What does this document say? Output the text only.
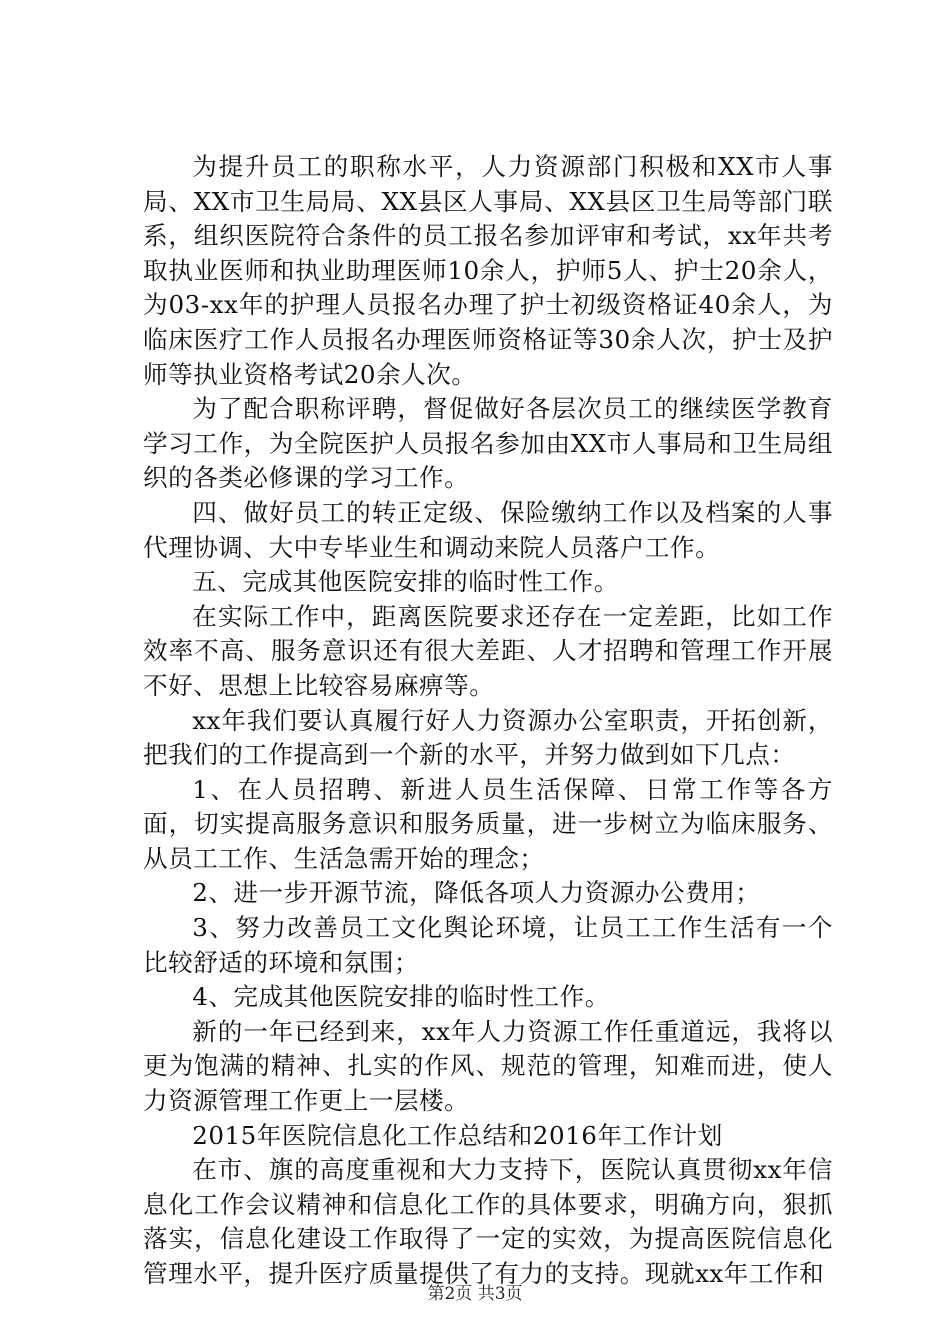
为提升员工的职称水平，人力资源部门积极和XX市人事局、XX市卫生局局、XX县区人事局、XX县区卫生局等部门联系，组织医院符合条件的员工报名参加评审和考试，xx年共考取执业医师和执业助理医师10余人，护师5人、护士20余人，为03-xx年的护理人员报名办理了护士初级资格证40余人，为临床医疗工作人员报名办理医师资格证等30余人次，护士及护师等执业资格考试20余人次。

为了配合职称评聘，督促做好各层次员工的继续医学教育学习工作，为全院医护人员报名参加由XX市人事局和卫生局组织的各类必修课的学习工作。

四、做好员工的转正定级、保险缴纳工作以及档案的人事代理协调、大中专毕业生和调动来院人员落户工作。

五、完成其他医院安排的临时性工作。

在实际工作中，距离医院要求还存在一定差距，比如工作效率不高、服务意识还有很大差距、人才招聘和管理工作开展不好、思想上比较容易麻痹等。

xx年我们要认真履行好人力资源办公室职责，开拓创新，把我们的工作提高到一个新的水平，并努力做到如下几点：

1、在人员招聘、新进人员生活保障、日常工作等各方面，切实提高服务意识和服务质量，进一步树立为临床服务、从员工工作、生活急需开始的理念；

2、进一步开源节流，降低各项人力资源办公费用；

3、努力改善员工文化舆论环境，让员工工作生活有一个比较舒适的环境和氛围；

4、完成其他医院安排的临时性工作。

新的一年已经到来，xx年人力资源工作任重道远，我将以更为饱满的精神、扎实的作风、规范的管理，知难而进，使人力资源管理工作更上一层楼。

2015年医院信息化工作总结和2016年工作计划

在市、旗的高度重视和大力支持下，医院认真贯彻xx年信息化工作会议精神和信息化工作的具体要求，明确方向，狠抓落实，信息化建设工作取得了一定的实效，为提高医院信息化管理水平，提升医疗质量提供了有力的支持。现就xx年工作和

第2页 共3页
